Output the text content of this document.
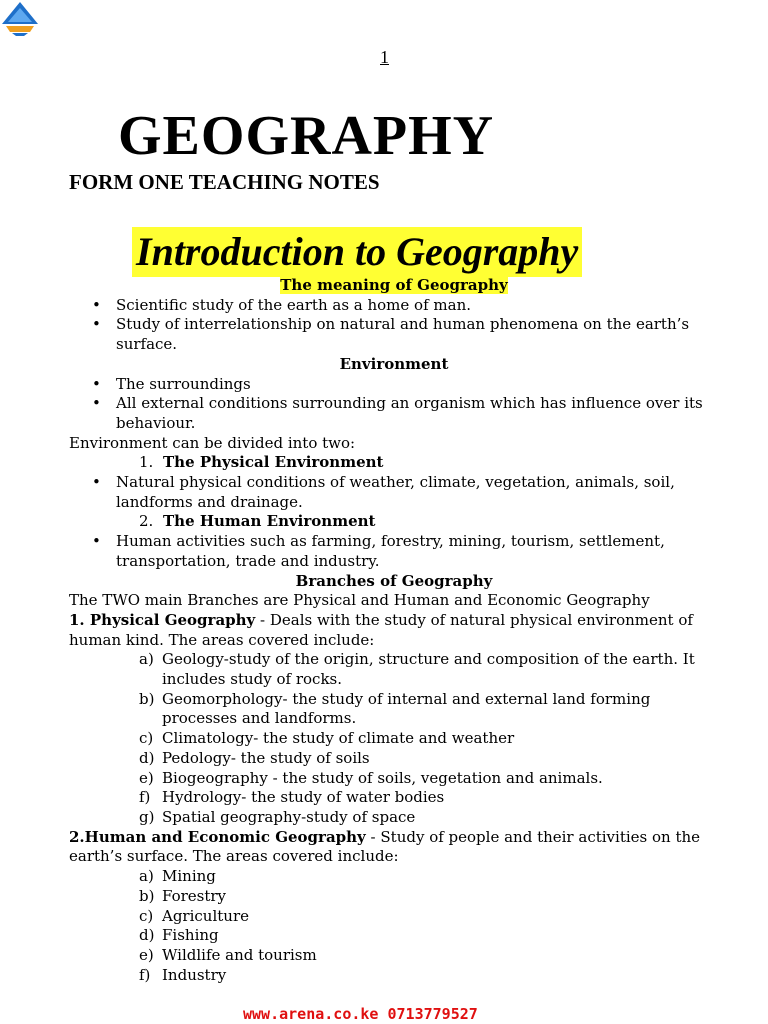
1
GEOGRAPHY
FORM ONE TEACHING NOTES
Introduction to Geography
The meaning of Geography
• Scientific study of the earth as a home of man.
• Study of interrelationship on natural and human phenomena on the earth’s surface.
Environment
• The surroundings
• All external conditions surrounding an organism which has influence over its behaviour.
Environment can be divided into two:
1. The Physical Environment
• Natural physical conditions of weather, climate, vegetation, animals, soil, landforms and drainage.
2. The Human Environment
• Human activities such as farming, forestry, mining, tourism, settlement, transportation, trade and industry.
Branches of Geography
The TWO main Branches are Physical and Human and Economic Geography
1. Physical Geography - Deals with the study of natural physical environment of human kind. The areas covered include:
a) Geology-study of the origin, structure and composition of the earth. It includes study of rocks.
b) Geomorphology- the study of internal and external land forming processes and landforms.
c) Climatology- the study of climate and weather
d) Pedology- the study of soils
e) Biogeography - the study of soils, vegetation and animals.
f) Hydrology- the study of water bodies
g) Spatial geography-study of space
2.Human and Economic Geography - Study of people and their activities on the earth’s surface. The areas covered include:
a) Mining
b) Forestry
c) Agriculture
d) Fishing
e) Wildlife and tourism
f) Industry
www.arena.co.ke 0713779527
